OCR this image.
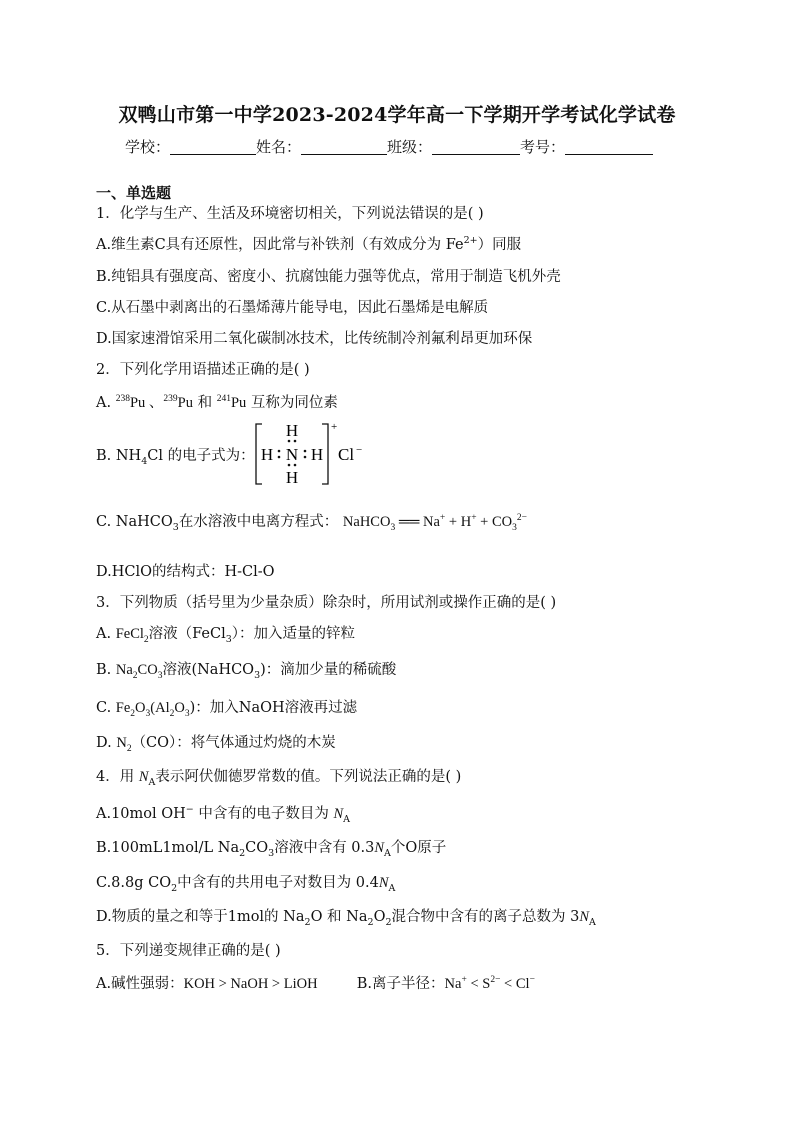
双鸭山市第一中学2023-2024学年高一下学期开学考试化学试卷
学校：	姓名：	班级：	考号：
一、单选题
1．化学与生产、生活及环境密切相关，下列说法错误的是( )
A.维生素C具有还原性，因此常与补铁剂（有效成分为 $Fe^{2+}$）同服
B.纯铝具有强度高、密度小、抗腐蚀能力强等优点，常用于制造飞机外壳
C.从石墨中剥离出的石墨烯薄片能导电，因此石墨烯是电解质
D.国家速滑馆采用二氧化碳制冰技术，比传统制冷剂氟利昂更加环保
2．下列化学用语描述正确的是( )
A. $^{238}$Pu 、$^{239}$Pu 和 $^{241}$Pu 互称为同位素
B. $NH_4Cl$ 的电子式为：
H
H N H
H
+
Cl −
C. NaHCO$_3$在水溶液中电离方程式： NaHCO$_3$ ══ $Na^+ + H^+ + CO_3^{2-}$
D.HClO的结构式：H-Cl-O
3．下列物质（括号里为少量杂质）除杂时，所用试剂或操作正确的是( )
A. FeCl$_2$溶液（FeCl$_3$）：加入适量的锌粒
B. $Na_2CO_3$溶液(NaHCO$_3$)：滴加少量的稀硫酸
C. $Fe_2O_3(Al_2O_3)$：加入NaOH溶液再过滤
D. $N_2(CO)$：将气体通过灼烧的木炭
4．用 $N_A$表示阿伏伽德罗常数的值。下列说法正确的是( )
A.10mol OH− 中含有的电子数目为 $N_A$
B.100mL1mol/L $Na_2CO_3$溶液中含有 $0.3N_A$个O原子
C.8.8g $CO_2$中含有的共用电子对数目为 $0.4N_A$
D.物质的量之和等于1mol的 $Na_2O$ 和 $Na_2O_2$混合物中含有的离子总数为 $3N_A$
5．下列递变规律正确的是( )
A.碱性强弱：KOH > NaOH > LiOH	B.离子半径：$Na^+ < S^{2-} < Cl^-$
